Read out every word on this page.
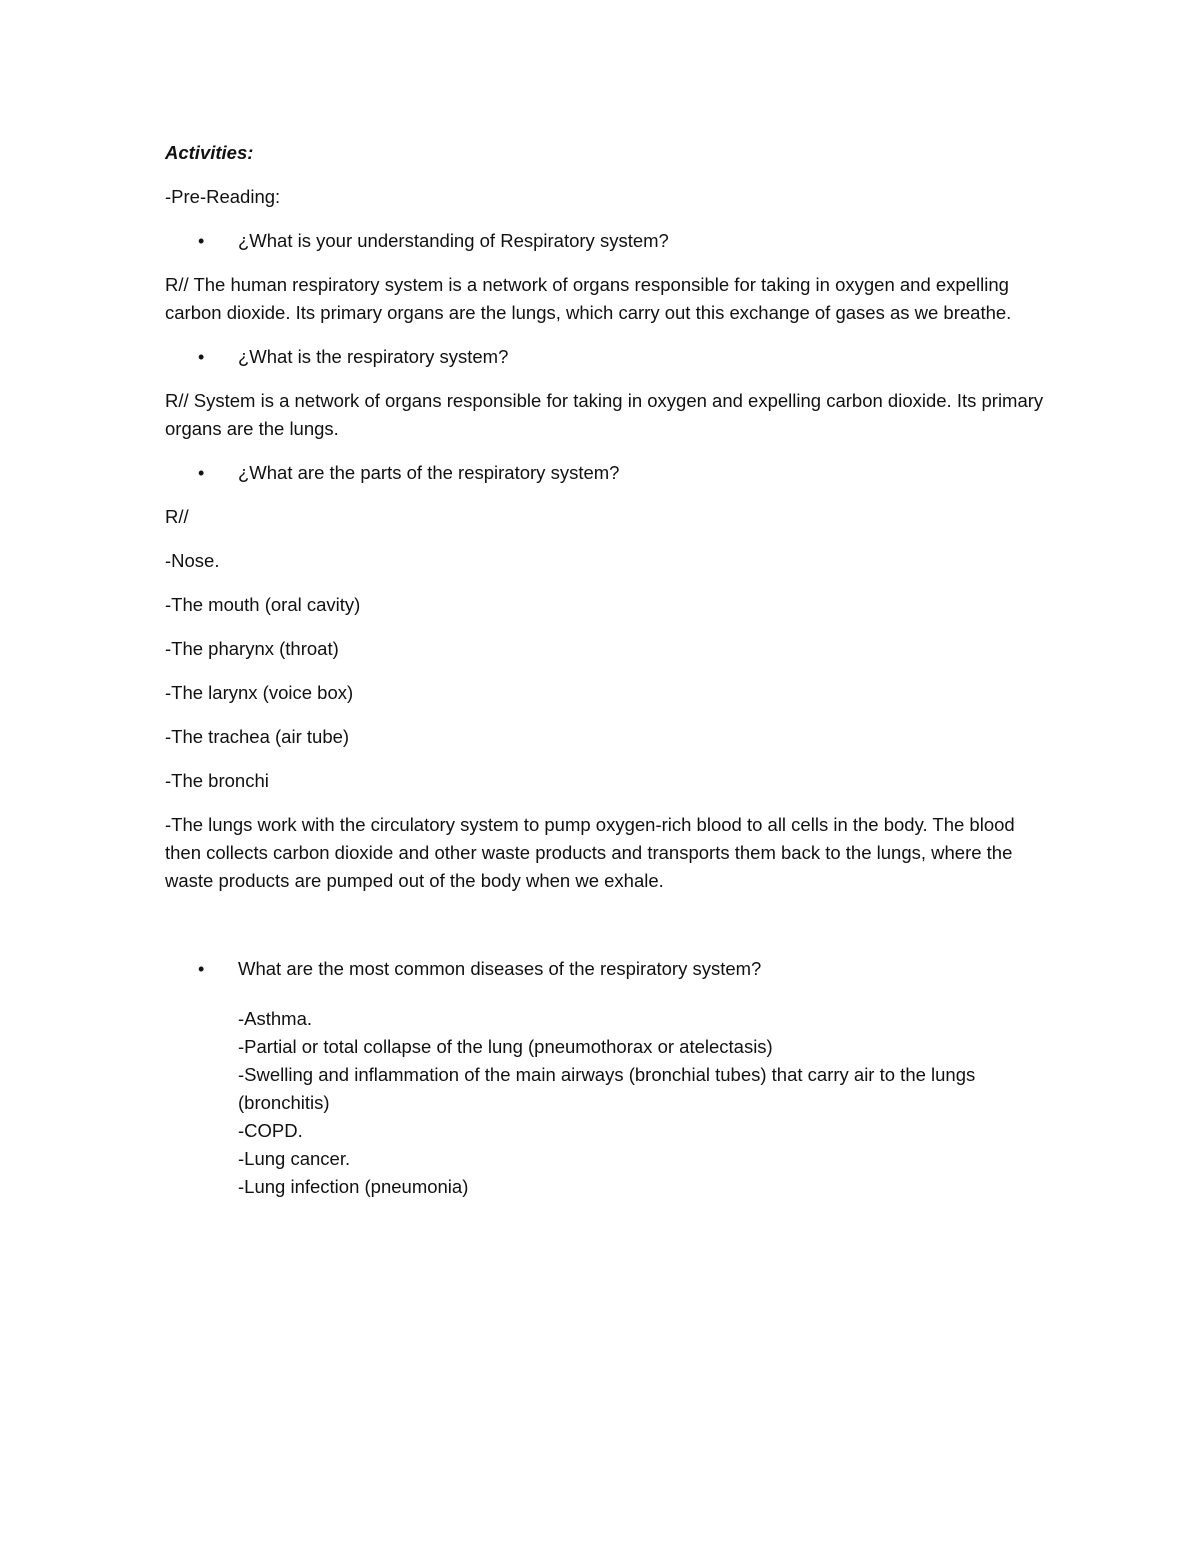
Activities:

-Pre-Reading:

• ¿What is your understanding of Respiratory system?

R// The human respiratory system is a network of organs responsible for taking in oxygen and expelling carbon dioxide. Its primary organs are the lungs, which carry out this exchange of gases as we breathe.

• ¿What is the respiratory system?

R// System is a network of organs responsible for taking in oxygen and expelling carbon dioxide. Its primary organs are the lungs.

• ¿What are the parts of the respiratory system?

R//

-Nose.

-The mouth (oral cavity)

-The pharynx (throat)

-The larynx (voice box)

-The trachea (air tube)

-The bronchi

-The lungs work with the circulatory system to pump oxygen-rich blood to all cells in the body. The blood then collects carbon dioxide and other waste products and transports them back to the lungs, where the waste products are pumped out of the body when we exhale.

• What are the most common diseases of the respiratory system?
-Asthma.
-Partial or total collapse of the lung (pneumothorax or atelectasis)
-Swelling and inflammation of the main airways (bronchial tubes) that carry air to the lungs (bronchitis)
-COPD.
-Lung cancer.
-Lung infection (pneumonia)
